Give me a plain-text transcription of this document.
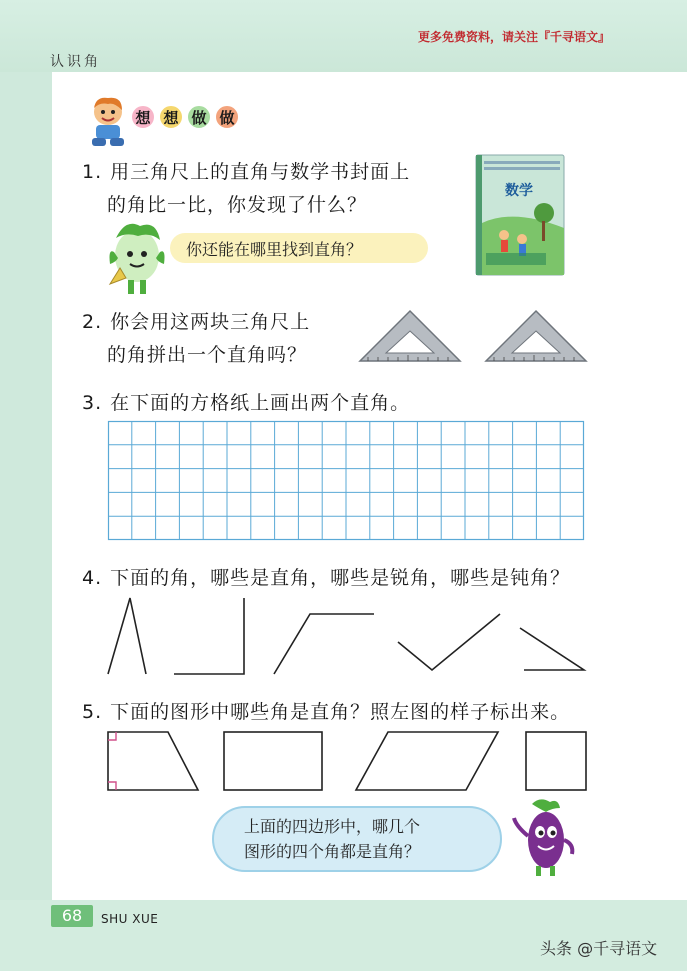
更多免费资料，请关注『千寻语文』
认识角
想 想 做 做
1. 用三角尺上的直角与数学书封面上
的角比一比，你发现了什么？
数学
你还能在哪里找到直角？
2. 你会用这两块三角尺上
的角拼出一个直角吗？
3. 在下面的方格纸上画出两个直角。
4. 下面的角，哪些是直角，哪些是锐角，哪些是钝角？
5. 下面的图形中哪些角是直角？照左图的样子标出来。
上面的四边形中，哪几个
图形的四个角都是直角？
68	SHU XUE
头条 @千寻语文
